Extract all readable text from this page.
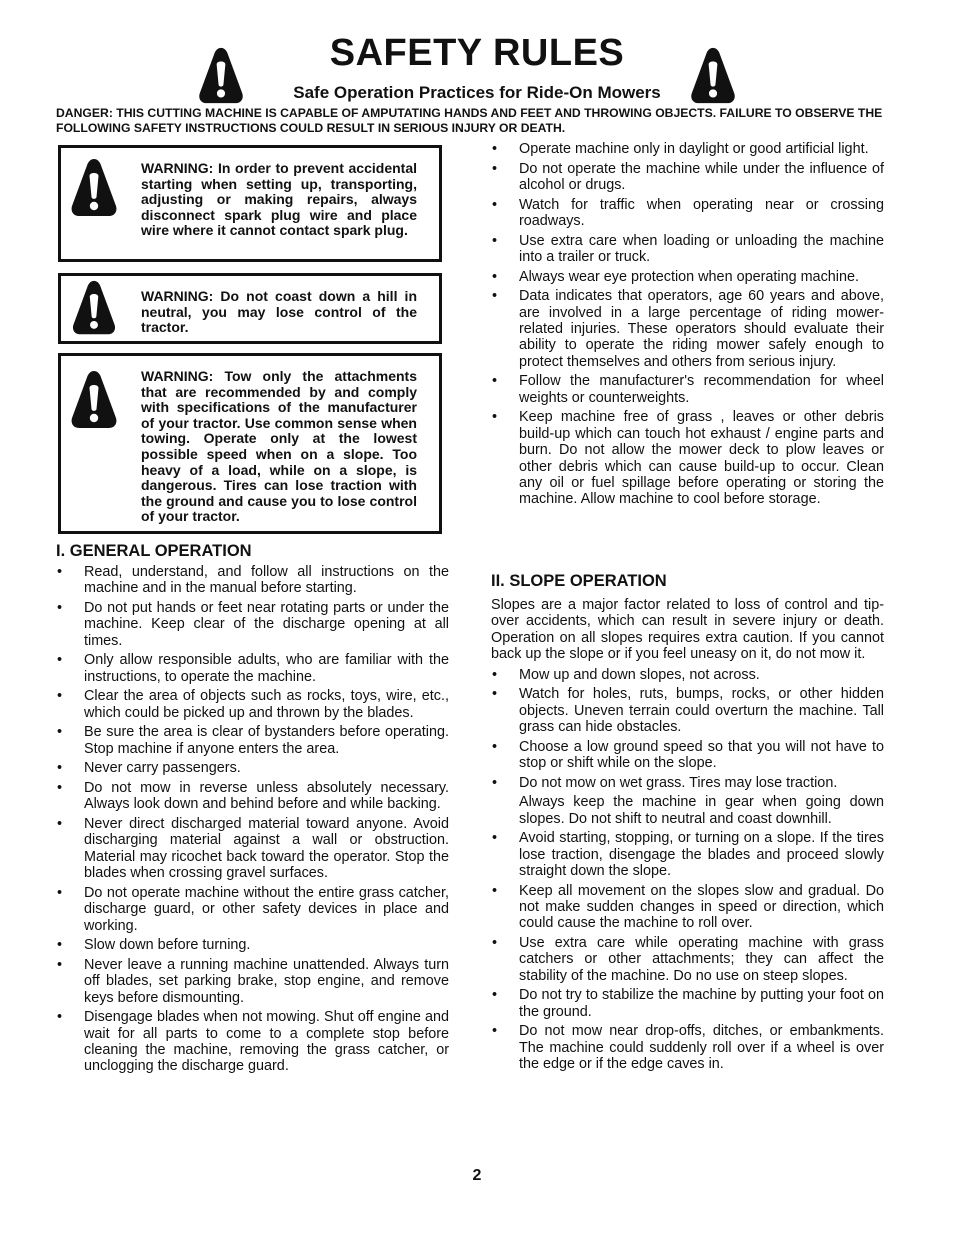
SAFETY RULES
Safe Operation Practices for Ride-On Mowers
DANGER: THIS CUTTING MACHINE IS CAPABLE OF AMPUTATING HANDS AND FEET AND THROWING OBJECTS. FAILURE TO OBSERVE THE FOLLOWING SAFETY INSTRUCTIONS COULD RESULT IN SERIOUS INJURY OR DEATH.
WARNING: In order to prevent accidental starting when setting up, transporting, adjusting or making repairs, always disconnect spark plug wire and place wire where it cannot contact spark plug.
WARNING: Do not coast down a hill in neutral, you may lose control of the tractor.
WARNING: Tow only the attachments that are recommended by and comply with specifications of the manufacturer of your tractor. Use common sense when towing. Operate only at the lowest possible speed when on a slope. Too heavy of a load, while on a slope, is dangerous. Tires can lose traction with the ground and cause you to lose control of your tractor.
I. GENERAL OPERATION
• Read, understand, and follow all instructions on the machine and in the manual before starting.
• Do not put hands or feet near rotating parts or under the machine. Keep clear of the discharge opening at all times.
• Only allow responsible adults, who are familiar with the instructions, to operate the machine.
• Clear the area of objects such as rocks, toys, wire, etc., which could be picked up and thrown by the blades.
• Be sure the area is clear of bystanders before operating. Stop machine if anyone enters the area.
• Never carry passengers.
• Do not mow in reverse unless absolutely necessary. Always look down and behind before and while backing.
• Never direct discharged material toward anyone. Avoid discharging material against a wall or obstruction. Material may ricochet back toward the operator. Stop the blades when crossing gravel surfaces.
• Do not operate machine without the entire grass catcher, discharge guard, or other safety devices in place and working.
• Slow down before turning.
• Never leave a running machine unattended. Always turn off blades, set parking brake, stop engine, and remove keys before dismounting.
• Disengage blades when not mowing. Shut off engine and wait for all parts to come to a complete stop before cleaning the machine, removing the grass catcher, or unclogging the discharge guard.
• Operate machine only in daylight or good artificial light.
• Do not operate the machine while under the influence of alcohol or drugs.
• Watch for traffic when operating near or crossing roadways.
• Use extra care when loading or unloading the machine into a trailer or truck.
• Always wear eye protection when operating machine.
• Data indicates that operators, age 60 years and above, are involved in a large percentage of riding mower-related injuries. These operators should evaluate their ability to operate the riding mower safely enough to protect themselves and others from serious injury.
• Follow the manufacturer's recommendation for wheel weights or counterweights.
• Keep machine free of grass , leaves or other debris build-up which can touch hot exhaust / engine parts and burn. Do not allow the mower deck to plow leaves or other debris which can cause build-up to occur. Clean any oil or fuel spillage before operating or storing the machine. Allow machine to cool before storage.
II. SLOPE OPERATION

Slopes are a major factor related to loss of control and tip-over accidents, which can result in severe injury or death. Operation on all slopes requires extra caution. If you cannot back up the slope or if you feel uneasy on it, do not mow it.

• Mow up and down slopes, not across.
• Watch for holes, ruts, bumps, rocks, or other hidden objects. Uneven terrain could overturn the machine. Tall grass can hide obstacles.
• Choose a low ground speed so that you will not have to stop or shift while on the slope.
• Do not mow on wet grass. Tires may lose traction.
Always keep the machine in gear when going down slopes. Do not shift to neutral and coast downhill.
• Avoid starting, stopping, or turning on a slope. If the tires lose traction, disengage the blades and proceed slowly straight down the slope.
• Keep all movement on the slopes slow and gradual. Do not make sudden changes in speed or direction, which could cause the machine to roll over.
• Use extra care while operating machine with grass catchers or other attachments; they can affect the stability of the machine. Do no use on steep slopes.
• Do not try to stabilize the machine by putting your foot on the ground.
• Do not mow near drop-offs, ditches, or embankments. The machine could suddenly roll over if a wheel is over the edge or if the edge caves in.
2
